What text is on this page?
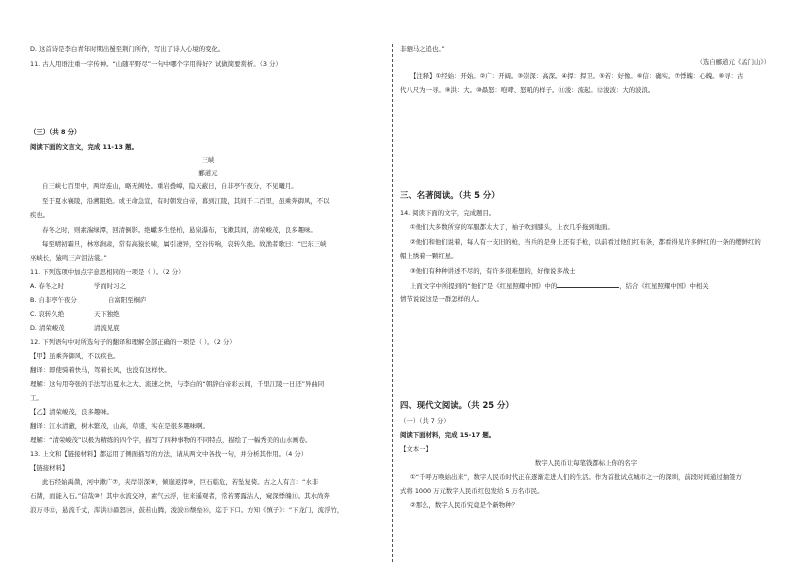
D. 这首诗是李白青年时期出蜀至荆门所作，写出了诗人心境的变化。
11. 古人用语注重一字传神。“山随平野尽”一句中哪个字用得好？试做简要赏析。（3 分）
（三）（共 8 分）
阅读下面的文言文，完成 11-13 题。
三峡
郦道元
自三峡七百里中，两岸连山，略无阙处。重岩叠嶂，隐天蔽日，自非亭午夜分，不见曦月。
至于夏水襄陵，沿溯阻绝。或王命急宣，有时朝发白帝，暮到江陵，其间千二百里，虽乘奔御风，不以
疾也。
春冬之时，则素湍绿潭，回清倒影。绝巘多生怪柏，悬泉瀑布，飞漱其间，清荣峻茂，良多趣味。
每至晴初霜旦，林寒涧肃，常有高猿长啸，属引凄异，空谷传响，哀转久绝。故渔者歌曰：“巴东三峡
巫峡长，猿鸣三声泪沾裳。”
11. 下列选项中加点字意思相同的一项是（ ）。（2 分）
A. 春冬之时	学而时习之
B. 自非亭午夜分	自富阳至桐庐
C. 哀转久绝	天下独绝
D. 清荣峻茂	清流见底
12. 下列语句中对所选句子的翻译和理解全部正确的一项是（ ）。（2 分）
【甲】虽乘奔御风，不以疾也。
翻译：即使骑着快马，驾着长风，也没有这样快。
理解：这句用夸张的手法写出夏水之大、流速之快，与李白的“朝辞白帝彩云间，千里江陵一日还”异曲同
工。
【乙】清荣峻茂，良多趣味。
翻译：江水清澈，树木繁茂，山高，草盛，实在是很多趣味啊。
理解：“清荣峻茂”以极为精练的四个字，描写了四种事物的不同特点，描绘了一幅秀美的山水画卷。
13. 上文和【链接材料】都运用了侧面描写的方法，请从两文中各找一句，并分析其作用。（4 分）
【链接材料】
此石经始禹凿，河中漱广⑦，夹岸崇深⑧，倾崖返捍⑨，巨石临危，若坠复倚。古之人有言：“水非
石凿，而能入石。”信哉⑩！其中水流交冲，素气云浮，往来遥观者，常若雾露沾人，窥深悸魄⑪。其水尚奔
浪万寻⑫，悬流千丈，浑洪⑬赑怒⑭，鼓若山腾，浚波⑮颓垒⑯，迄于下口。方知《慎子》：“下龙门，流浮竹，
非驷马之追也。”
（选自郦道元《孟门山》）
【注释】①经始：开始。②广：开阔。③崇深：高深。④捍：捍卫。⑤若：好像。⑥信：确实。⑦悸魄：心魄。⑧寻：古
代八尺为一寻。⑨洪：大。⑩赑怒：咆哮、怒吼的样子。⑪浚：流起。⑫浚波：大的波浪。
三、名著阅读。（共 5 分）
14. 阅读下面的文字，完成题目。
①他们大多数所穿的军服都太大了，袖子吹到膝头，上衣几乎拖到地面。
②他们和他们说着，每人有一支旧的枪，当兵的是身上还有手枪，以前看过他们红布条，都看得见许多鲜红的一条的缨鲜红的
帽上绣着一颗红星。
③他们有种种讲述不尽的，有许多很难想的，好像说多战士
上面文字中所提到的“他们”是《红星照耀中国》中的	，结合《红星照耀中国》中相关
情节说说这是一群怎样的人。
四、现代文阅读。（共 25 分）
（一）（共 7 分）
阅读下面材料，完成 15-17 题。
【文本一】
数字人民币让每笔钱都标上你的名字
①“千呼万唤始出来”，数字人民币时代正在逐渐走进人们的生活。作为首批试点城市之一的深圳，前段时间通过抽签方
式将 1000 万元数字人民币红包发给 5 万名市民。
②那么，数字人民币究竟是个新物种？
